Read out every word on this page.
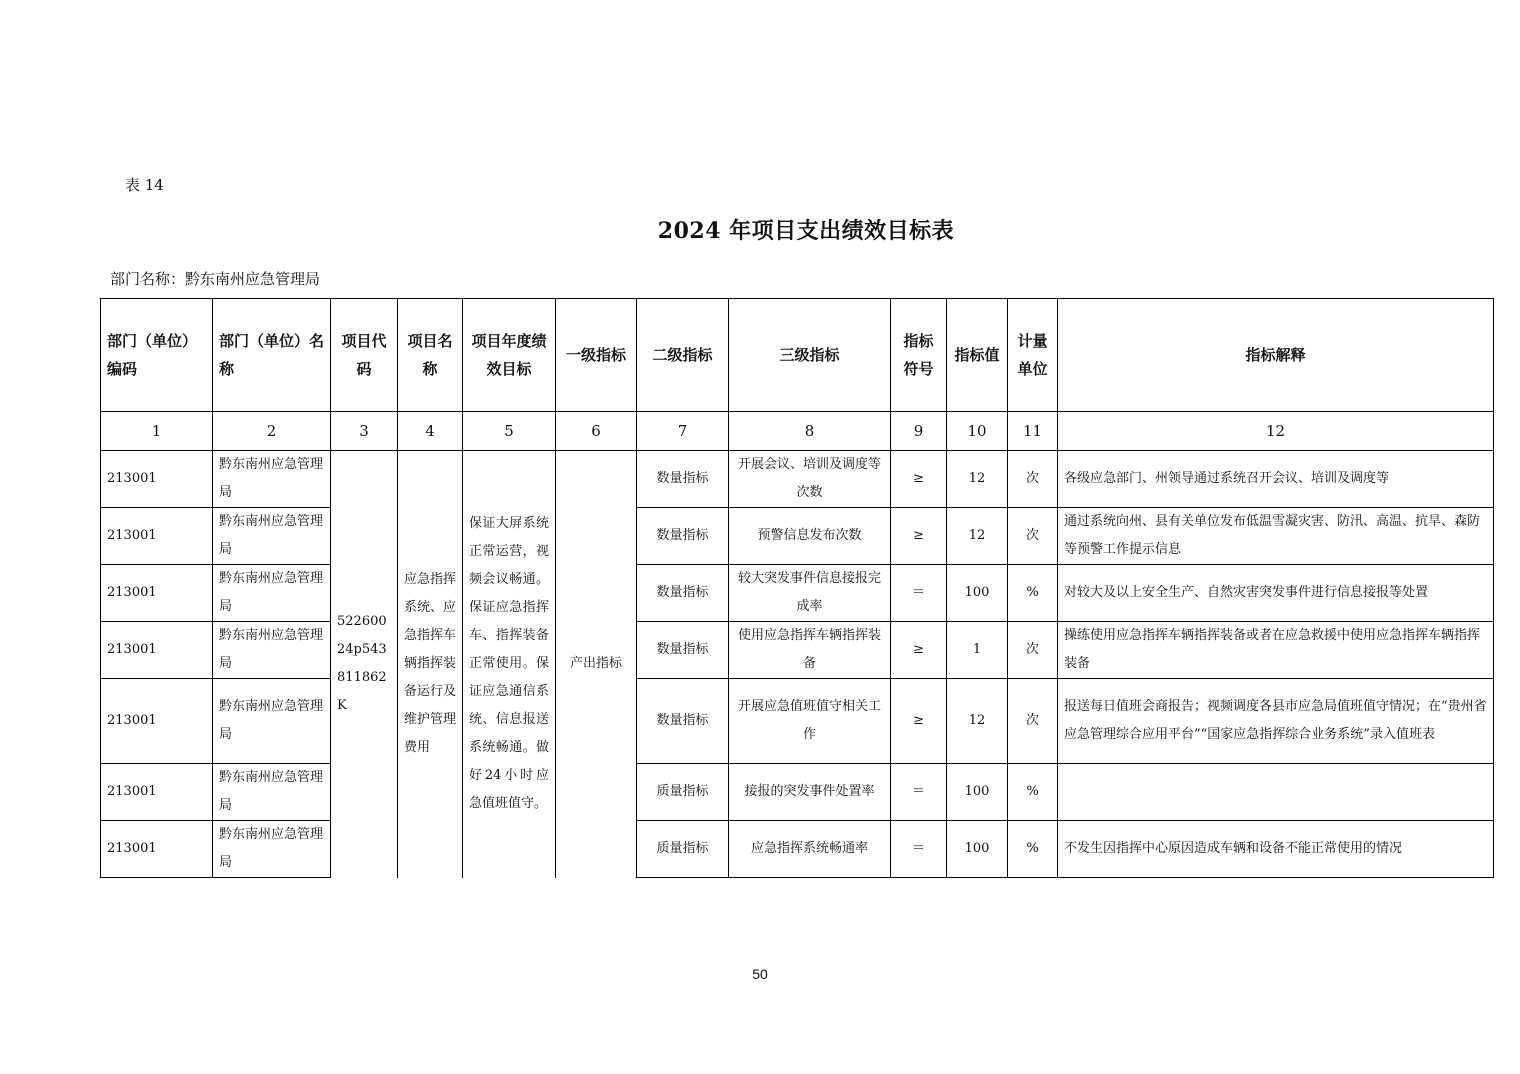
表 14
2024 年项目支出绩效目标表
部门名称：黔东南州应急管理局
部门（单位）编码	部门（单位）名称	项目代码	项目名称	项目年度绩效目标	一级指标	二级指标	三级指标	指标符号	指标值	计量单位	指标解释
1	2	3	4	5	6	7	8	9	10	11	12
213001	黔东南州应急管理局	52260024p543811862K	应急指挥系统、应急指挥车辆指挥装备运行及维护管理费用	保证大屏系统正常运营，视频会议畅通。保证应急指挥车、指挥装备正常使用。保证应急通信系统、信息报送系统畅通。做好24小时应急值班值守。	产出指标	数量指标	开展会议、培训及调度等次数	≥	12	次	各级应急部门、州领导通过系统召开会议、培训及调度等
213001	黔东南州应急管理局					数量指标	预警信息发布次数	≥	12	次	通过系统向州、县有关单位发布低温雪凝灾害、防汛、高温、抗旱、森防等预警工作提示信息
213001	黔东南州应急管理局					数量指标	较大突发事件信息接报完成率	＝	100	%	对较大及以上安全生产、自然灾害突发事件进行信息接报等处置
213001	黔东南州应急管理局					数量指标	使用应急指挥车辆指挥装备	≥	1	次	操练使用应急指挥车辆指挥装备或者在应急救援中使用应急指挥车辆指挥装备
213001	黔东南州应急管理局					数量指标	开展应急值班值守相关工作	≥	12	次	报送每日值班会商报告；视频调度各县市应急局值班值守情况；在“贵州省应急管理综合应用平台”“国家应急指挥综合业务系统”录入值班表
213001	黔东南州应急管理局					质量指标	接报的突发事件处置率	＝	100	%	
213001	黔东南州应急管理局					质量指标	应急指挥系统畅通率	＝	100	%	不发生因指挥中心原因造成车辆和设备不能正常使用的情况
50
